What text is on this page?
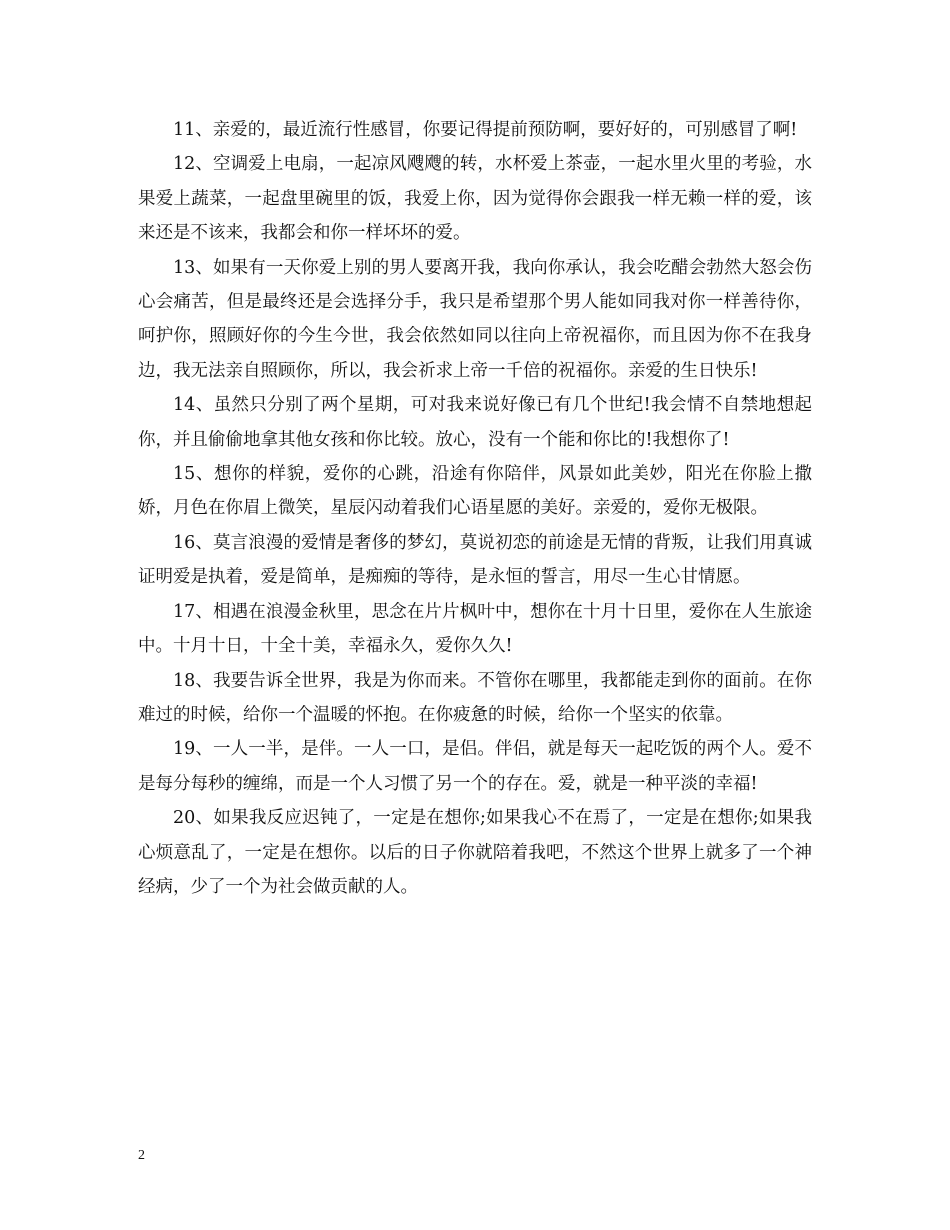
11、亲爱的，最近流行性感冒，你要记得提前预防啊，要好好的，可别感冒了啊!

12、空调爱上电扇，一起凉风飕飕的转，水杯爱上茶壶，一起水里火里的考验，水果爱上蔬菜，一起盘里碗里的饭，我爱上你，因为觉得你会跟我一样无赖一样的爱，该来还是不该来，我都会和你一样坏坏的爱。

13、如果有一天你爱上别的男人要离开我，我向你承认，我会吃醋会勃然大怒会伤心会痛苦，但是最终还是会选择分手，我只是希望那个男人能如同我对你一样善待你，呵护你，照顾好你的今生今世，我会依然如同以往向上帝祝福你，而且因为你不在我身边，我无法亲自照顾你，所以，我会祈求上帝一千倍的祝福你。亲爱的生日快乐!

14、虽然只分别了两个星期，可对我来说好像已有几个世纪!我会情不自禁地想起你，并且偷偷地拿其他女孩和你比较。放心，没有一个能和你比的!我想你了!

15、想你的样貌，爱你的心跳，沿途有你陪伴，风景如此美妙，阳光在你脸上撒娇，月色在你眉上微笑，星辰闪动着我们心语星愿的美好。亲爱的，爱你无极限。

16、莫言浪漫的爱情是奢侈的梦幻，莫说初恋的前途是无情的背叛，让我们用真诚证明爱是执着，爱是简单，是痴痴的等待，是永恒的誓言，用尽一生心甘情愿。

17、相遇在浪漫金秋里，思念在片片枫叶中，想你在十月十日里，爱你在人生旅途中。十月十日，十全十美，幸福永久，爱你久久!

18、我要告诉全世界，我是为你而来。不管你在哪里，我都能走到你的面前。在你难过的时候，给你一个温暖的怀抱。在你疲惫的时候，给你一个坚实的依靠。

19、一人一半，是伴。一人一口，是侣。伴侣，就是每天一起吃饭的两个人。爱不是每分每秒的缠绵，而是一个人习惯了另一个的存在。爱，就是一种平淡的幸福!

20、如果我反应迟钝了，一定是在想你;如果我心不在焉了，一定是在想你;如果我心烦意乱了，一定是在想你。以后的日子你就陪着我吧，不然这个世界上就多了一个神经病，少了一个为社会做贡献的人。

2
